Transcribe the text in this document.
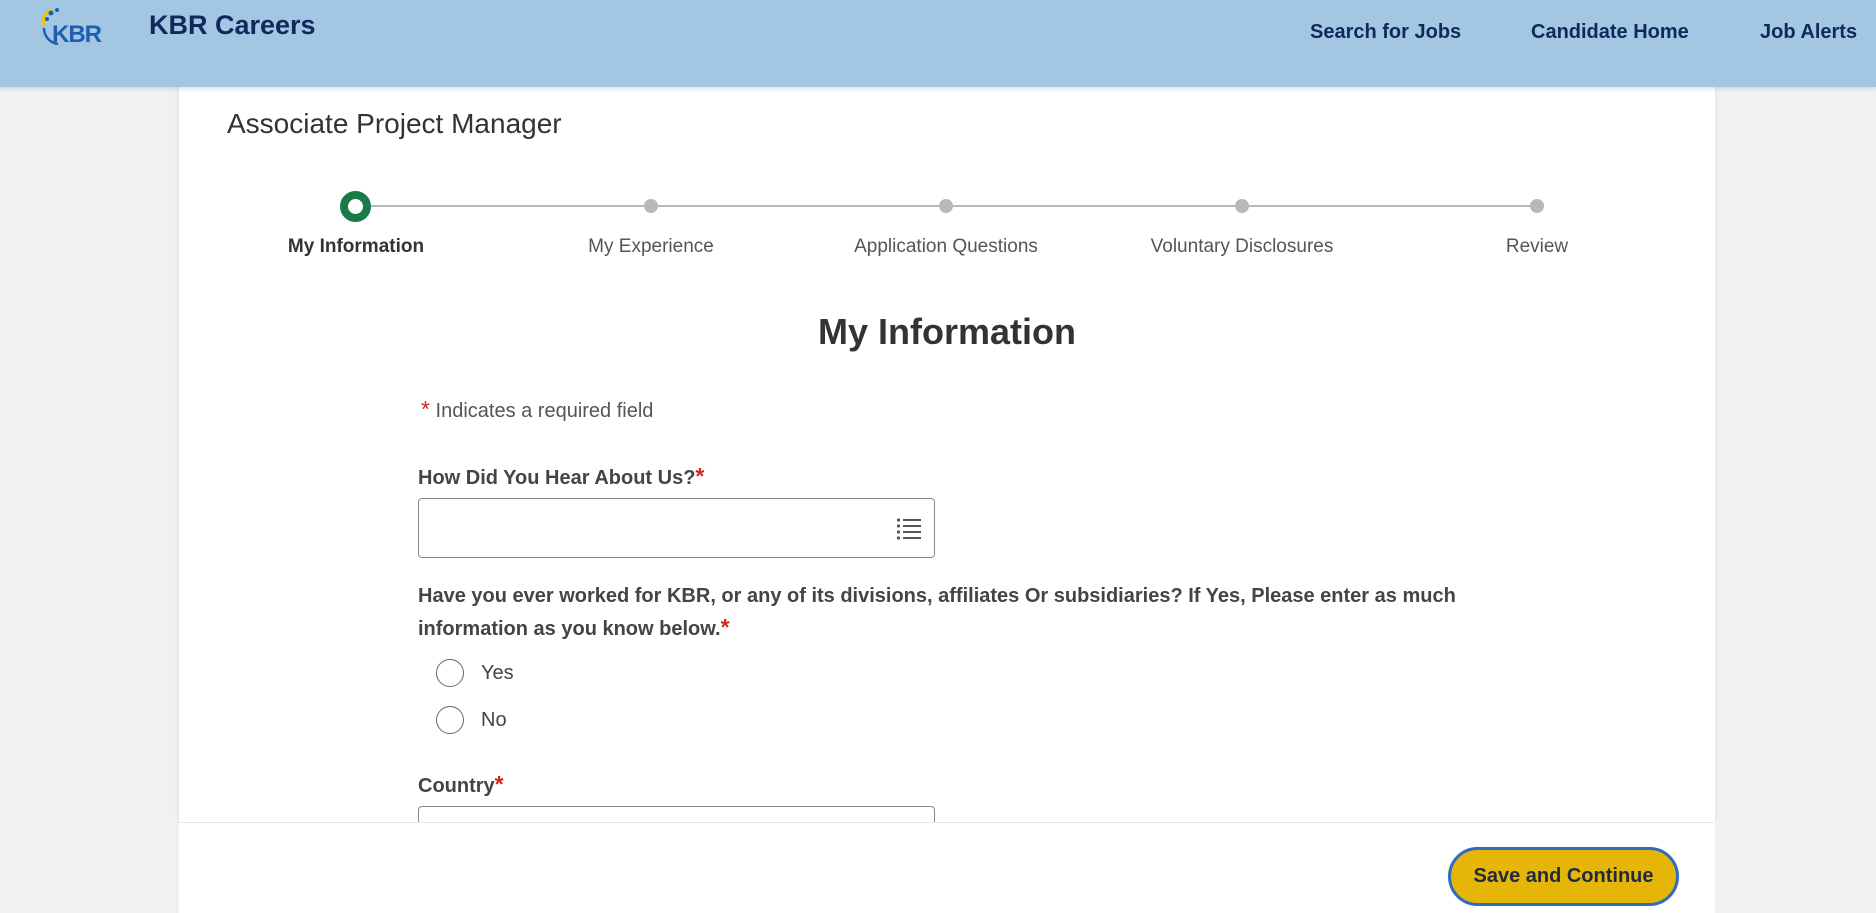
KBR KBR Careers	Search for Jobs	Candidate Home	Job Alerts
Associate Project Manager
My Information	My Experience	Application Questions	Voluntary Disclosures	Review
My Information
* Indicates a required field
How Did You Hear About Us?*
Have you ever worked for KBR, or any of its divisions, affiliates Or subsidiaries? If Yes, Please enter as much information as you know below.*
Yes
No
Country*
Save and Continue
